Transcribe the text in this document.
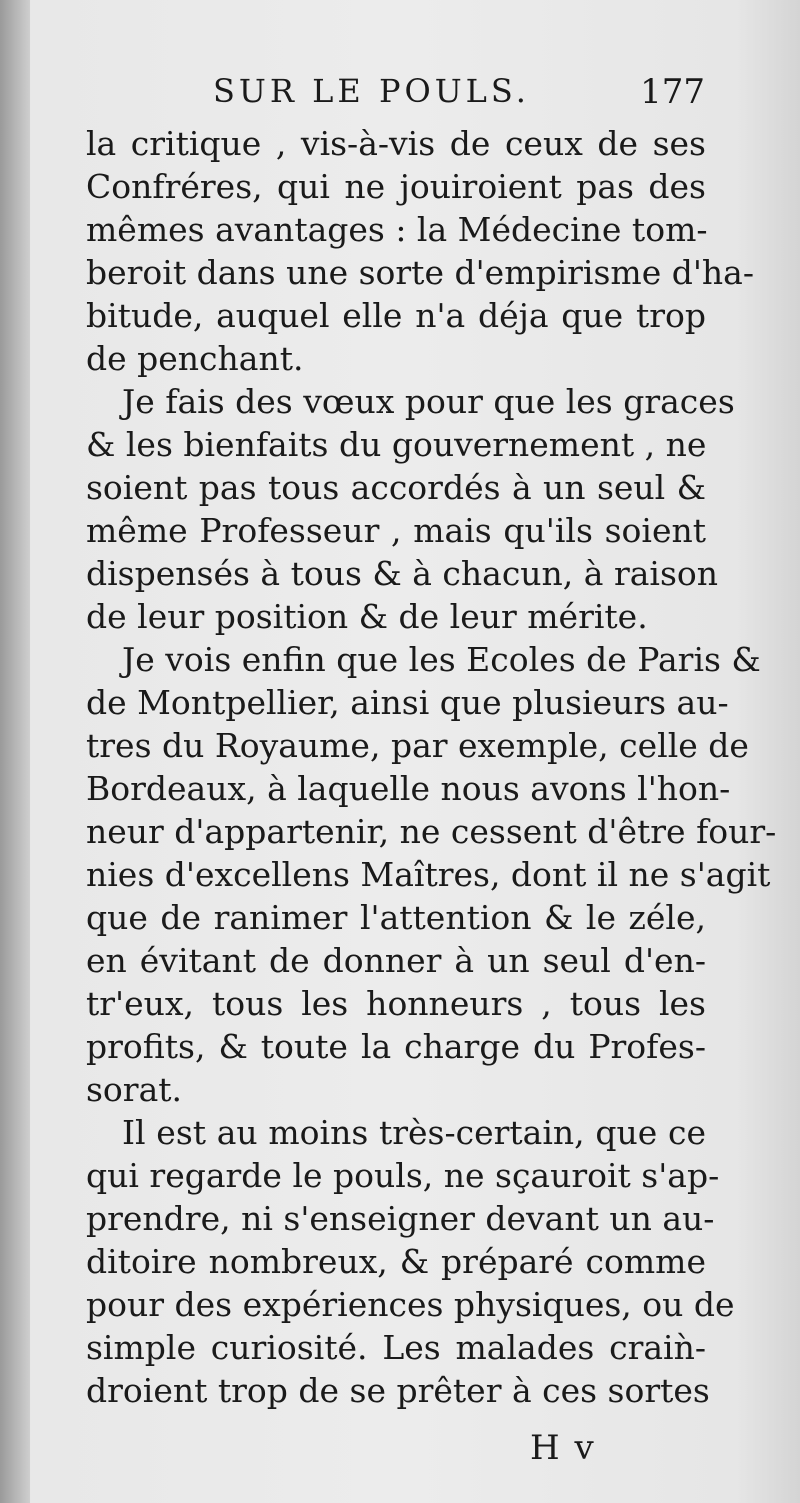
SUR LE POULS.	177
la critique , vis-à-vis de ceux de ses
Confréres, qui ne jouiroient pas des
mêmes avantages : la Médecine tom-
beroit dans une sorte d'empirisme d'ha-
bitude, auquel elle n'a déja que trop
de penchant.
Je fais des vœux pour que les graces
& les bienfaits du gouvernement , ne
soient pas tous accordés à un seul &
même Professeur , mais qu'ils soient
dispensés à tous & à chacun, à raison
de leur position & de leur mérite.
Je vois enfin que les Ecoles de Paris &
de Montpellier, ainsi que plusieurs au-
tres du Royaume, par exemple, celle de
Bordeaux, à laquelle nous avons l'hon-
neur d'appartenir, ne cessent d'être four-
nies d'excellens Maîtres, dont il ne s'agit
que de ranimer l'attention & le zéle,
en évitant de donner à un seul d'en-
tr'eux, tous les honneurs , tous les
profits, & toute la charge du Profes-
sorat.
Il est au moins très-certain, que ce
qui regarde le pouls, ne sçauroit s'ap-
prendre, ni s'enseigner devant un au-
ditoire nombreux, & préparé comme
pour des expériences physiques, ou de
simple curiosité. Les malades craiǹ-
droient trop de se prêter à ces sortes
H v
